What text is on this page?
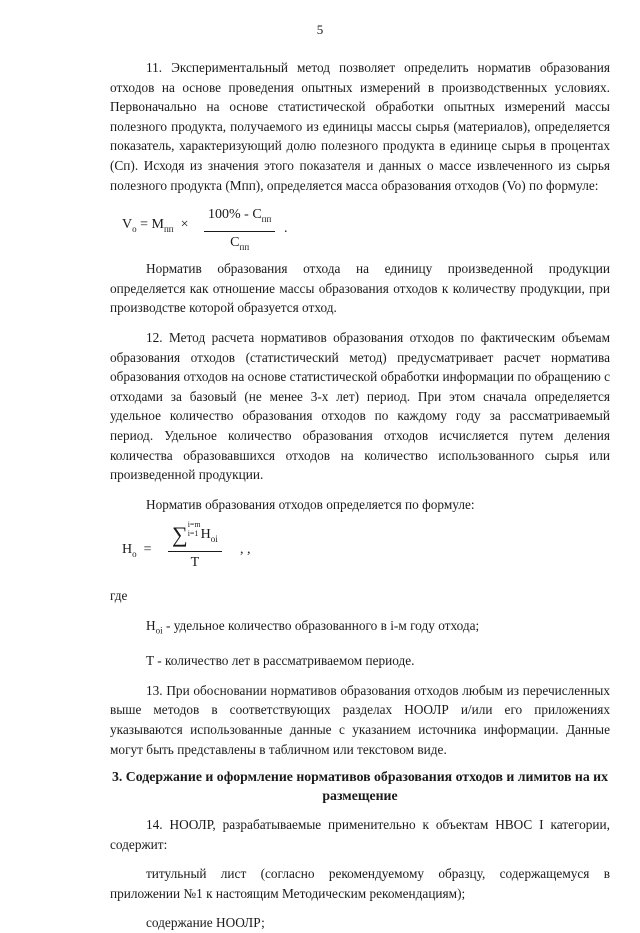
5

11. Экспериментальный метод позволяет определить норматив образования отходов на основе проведения опытных измерений в производственных условиях. Первоначально на основе статистической обработки опытных измерений массы полезного продукта, получаемого из единицы массы сырья (материалов), определяется показатель, характеризующий долю полезного продукта в единице сырья в процентах (Сп). Исходя из значения этого показателя и данных о массе извлеченного из сырья полезного продукта (Мпп), определяется масса образования отходов (Vo) по формуле:

$V_o = M_{пп}$ ×
$100\% - C_{пп}$
$C_{пп}$
.

Норматив образования отхода на единицу произведенной продукции определяется как отношение массы образования отходов к количеству продукции, при производстве которой образуется отход.

12. Метод расчета нормативов образования отходов по фактическим объемам образования отходов (статистический метод) предусматривает расчет норматива образования отходов на основе статистической обработки информации по обращению с отходами за базовый (не менее 3-х лет) период. При этом сначала определяется удельное количество образования отходов по каждому году за рассматриваемый период. Удельное количество образования отходов исчисляется путем деления количества образовавшихся отходов на количество использованного сырья или произведенной продукции.

Норматив образования отходов определяется по формуле:

$H_o$ =
∑i=m
i=1 $H_{oi}$
T
, ,

где

$H_{oi}$ - удельное количество образованного в i-м году отхода;

T - количество лет в рассматриваемом периоде.

13. При обосновании нормативов образования отходов любым из перечисленных выше методов в соответствующих разделах НООЛР и/или его приложениях указываются использованные данные с указанием источника информации. Данные могут быть представлены в табличном или текстовом виде.

3. Содержание и оформление нормативов образования отходов и лимитов на их размещение

14. НООЛР, разрабатываемые применительно к объектам НВОС I категории, содержит:

титульный лист (согласно рекомендуемому образцу, содержащемуся в приложении №1 к настоящим Методическим рекомендациям);

содержание НООЛР;
